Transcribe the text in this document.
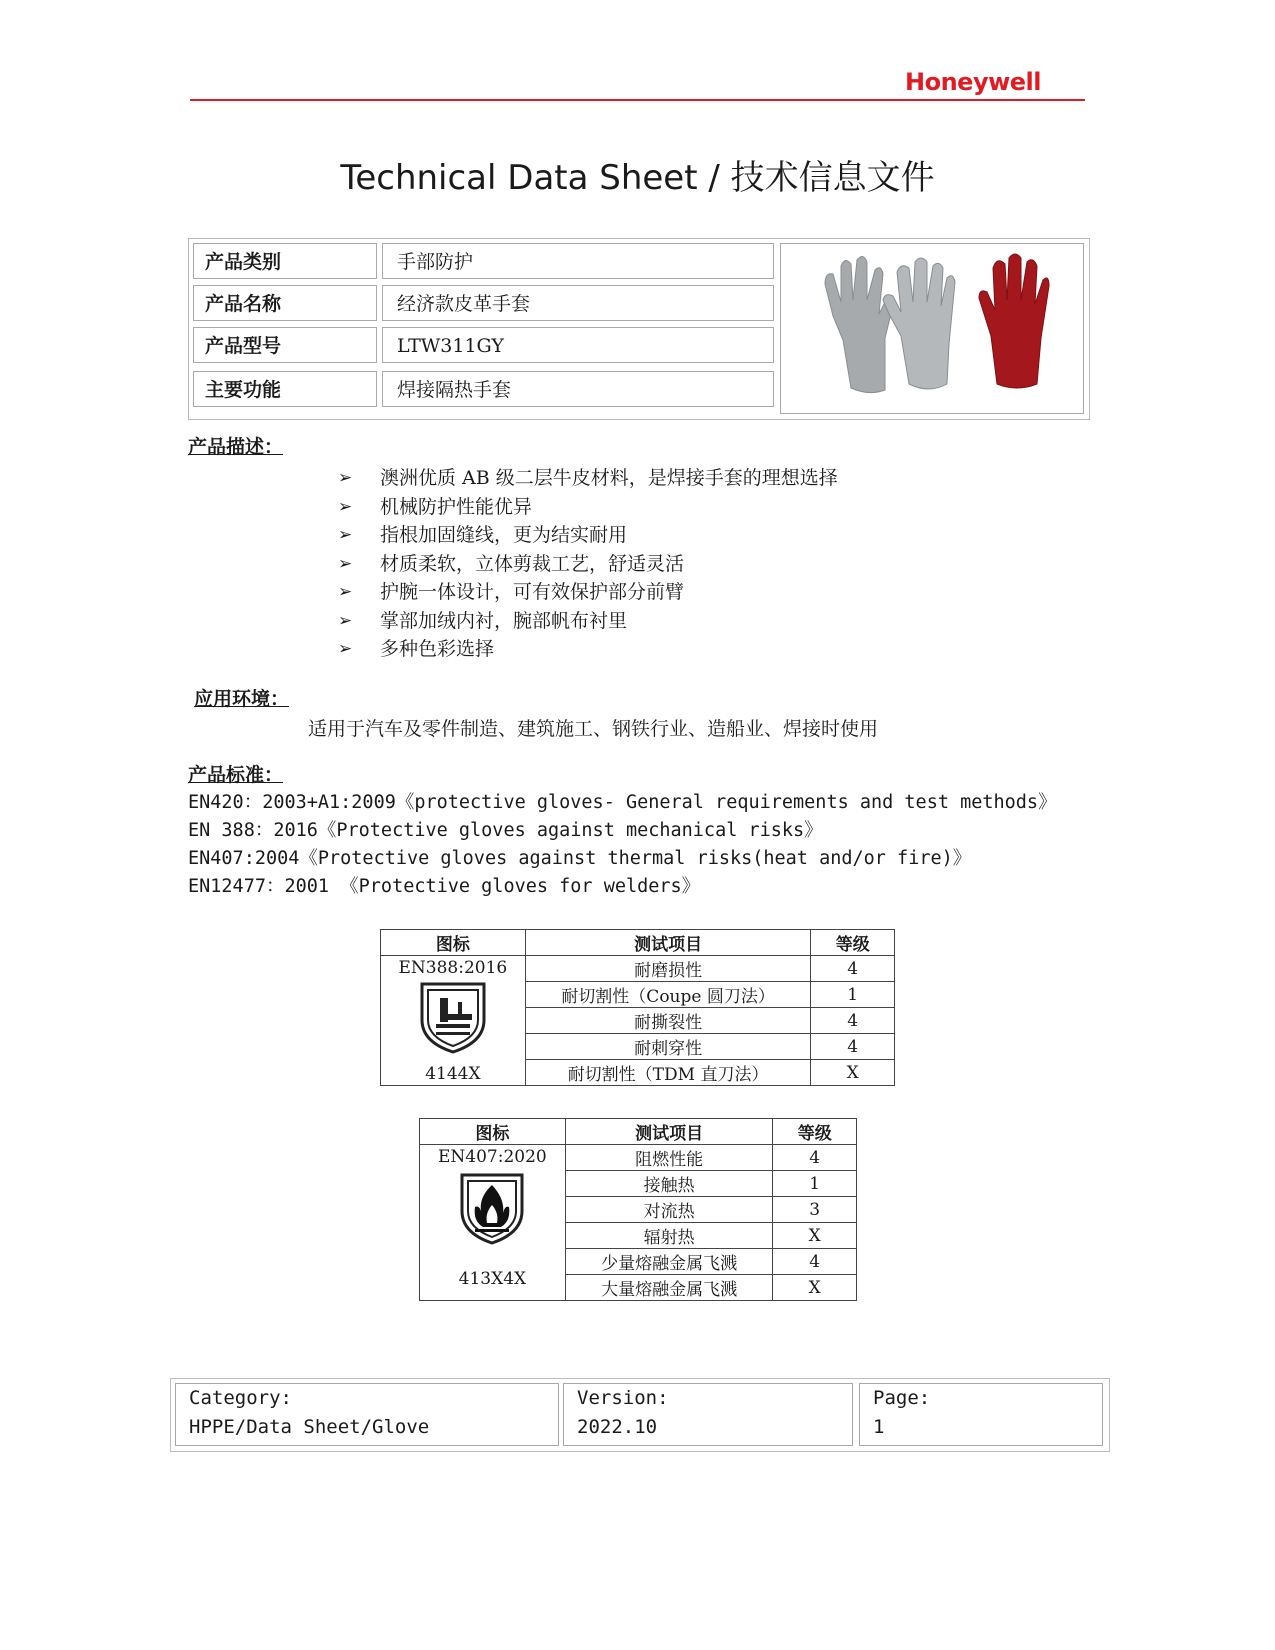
Honeywell
Technical Data Sheet / 技术信息文件
产品类别	手部防护
产品名称	经济款皮革手套
产品型号	LTW311GY
主要功能	焊接隔热手套
产品描述：
➢ 澳洲优质 AB 级二层牛皮材料，是焊接手套的理想选择
➢ 机械防护性能优异
➢ 指根加固缝线，更为结实耐用
➢ 材质柔软，立体剪裁工艺，舒适灵活
➢ 护腕一体设计，可有效保护部分前臂
➢ 掌部加绒内衬，腕部帆布衬里
➢ 多种色彩选择
应用环境：
适用于汽车及零件制造、建筑施工、钢铁行业、造船业、焊接时使用
产品标准：
EN420：2003+A1:2009《protective gloves- General requirements and test methods》
EN 388：2016《Protective gloves against mechanical risks》
EN407:2004《Protective gloves against thermal risks(heat and/or fire)》
EN12477：2001 《Protective gloves for welders》
图标	测试项目	等级

EN388:2016
4144X	耐磨损性	4
	耐切割性（Coupe 圆刀法）	1
	耐撕裂性	4
	耐刺穿性	4
	耐切割性（TDM 直刀法）	X
图标	测试项目	等级

EN407:2020
413X4X	阻燃性能	4
	接触热	1
	对流热	3
	辐射热	X
	少量熔融金属飞溅	4
	大量熔融金属飞溅	X
Category:
HPPE/Data Sheet/Glove
Version:
2022.10
Page:
1
